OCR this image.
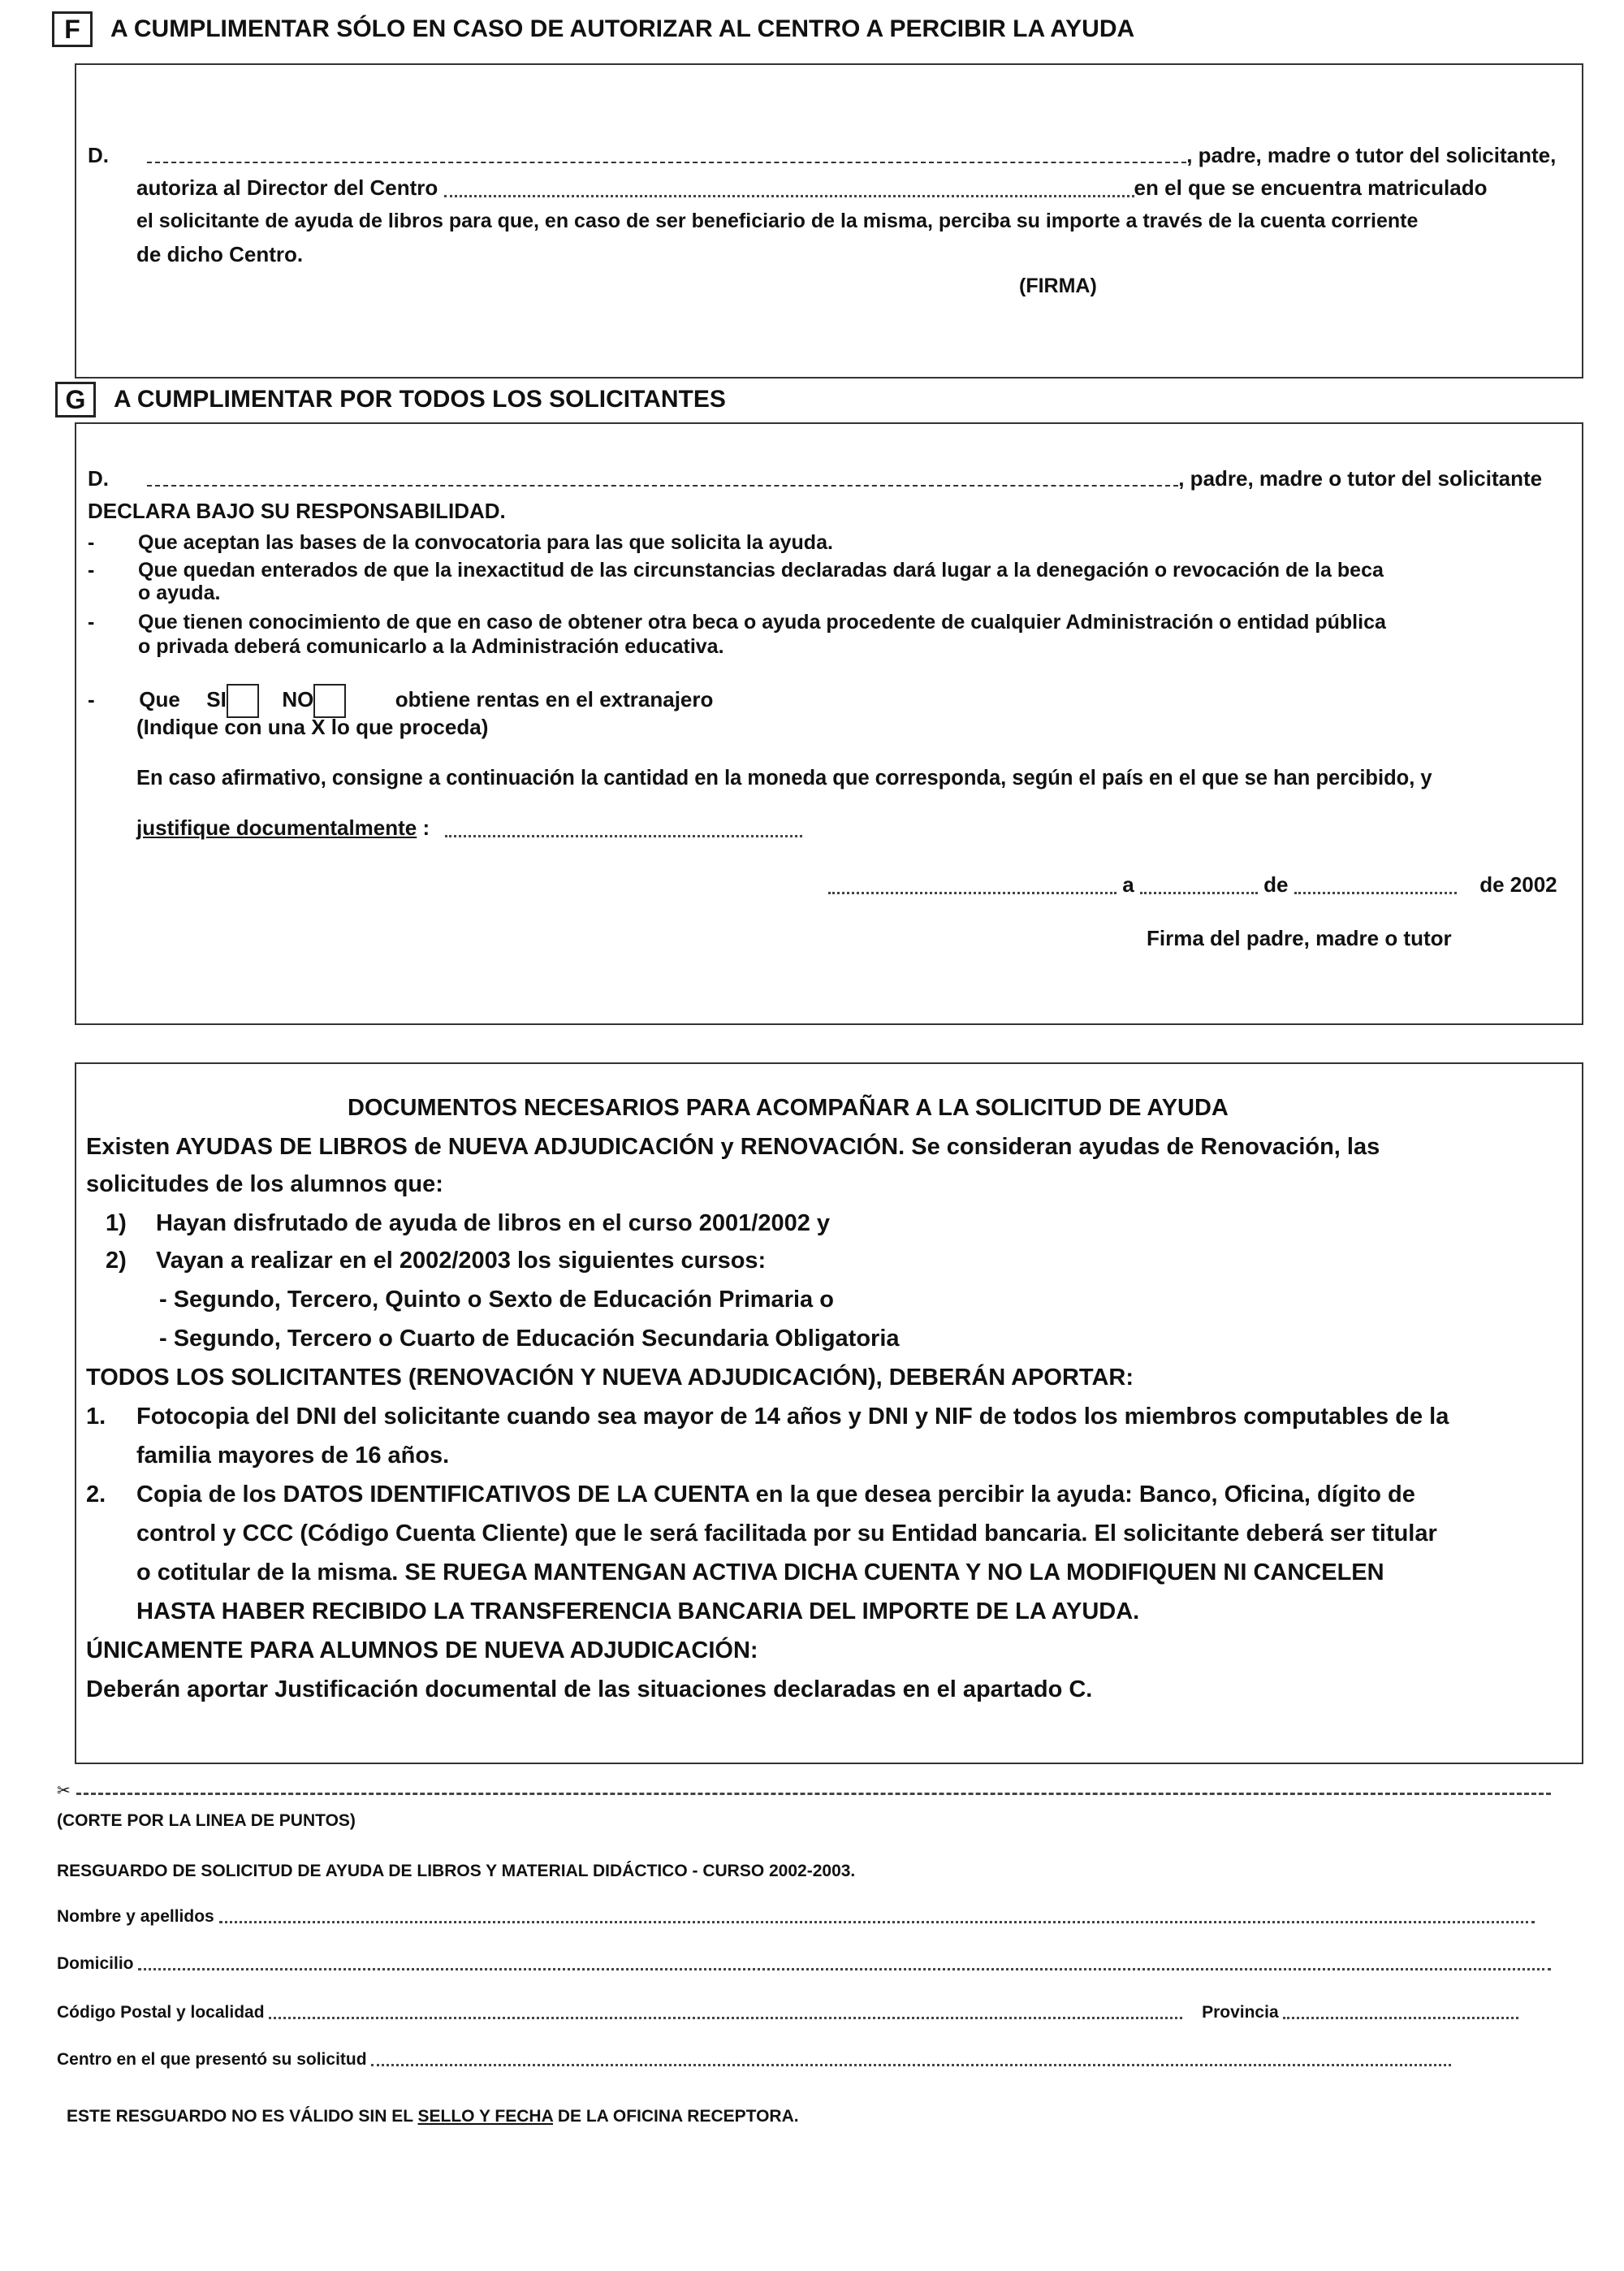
F	A CUMPLIMENTAR SÓLO EN CASO DE AUTORIZAR AL CENTRO A PERCIBIR LA AYUDA
D.	, padre, madre o tutor del solicitante,
autoriza al Director del Centro	en el que se encuentra matriculado
el solicitante de ayuda de libros para que, en caso de ser beneficiario de la misma, perciba su importe a través de la cuenta corriente
de dicho Centro.
(FIRMA)
G	A CUMPLIMENTAR POR TODOS LOS SOLICITANTES
D.	, padre, madre o tutor del solicitante
DECLARA BAJO SU RESPONSABILIDAD.
- Que aceptan las bases de la convocatoria para las que solicita la ayuda.
- Que quedan enterados de que la inexactitud de las circunstancias declaradas dará lugar a la denegación o revocación de la beca
o ayuda.
- Que tienen conocimiento de que en caso de obtener otra beca o ayuda procedente de cualquier Administración o entidad pública
o privada deberá comunicarlo a la Administración educativa.
- Que SI	NO	obtiene rentas en el extranajero
(Indique con una X lo que proceda)
En caso afirmativo, consigne a continuación la cantidad en la moneda que corresponda, según el país en el que se han percibido, y
justifique documentalmente :
a	de	de 2002
Firma del padre, madre o tutor
DOCUMENTOS NECESARIOS PARA ACOMPAÑAR A LA SOLICITUD DE AYUDA
Existen AYUDAS DE LIBROS de NUEVA ADJUDICACIÓN y RENOVACIÓN. Se consideran ayudas de Renovación, las
solicitudes de los alumnos que:
1) Hayan disfrutado de ayuda de libros en el curso 2001/2002 y
2) Vayan a realizar en el 2002/2003 los siguientes cursos:
- Segundo, Tercero, Quinto o Sexto de Educación Primaria o
- Segundo, Tercero o Cuarto de Educación Secundaria Obligatoria
TODOS LOS SOLICITANTES (RENOVACIÓN Y NUEVA ADJUDICACIÓN), DEBERÁN APORTAR:
1. Fotocopia del DNI del solicitante cuando sea mayor de 14 años y DNI y NIF de todos los miembros computables de la
familia mayores de 16 años.
2. Copia de los DATOS IDENTIFICATIVOS DE LA CUENTA en la que desea percibir la ayuda: Banco, Oficina, dígito de
control y CCC (Código Cuenta Cliente) que le será facilitada por su Entidad bancaria. El solicitante deberá ser titular
o cotitular de la misma. SE RUEGA MANTENGAN ACTIVA DICHA CUENTA Y NO LA MODIFIQUEN NI CANCELEN
HASTA HABER RECIBIDO LA TRANSFERENCIA BANCARIA DEL IMPORTE DE LA AYUDA.
ÚNICAMENTE PARA ALUMNOS DE NUEVA ADJUDICACIÓN:
Deberán aportar Justificación documental de las situaciones declaradas en el apartado C.
✂
(CORTE POR LA LINEA DE PUNTOS)
RESGUARDO DE SOLICITUD DE AYUDA DE LIBROS Y MATERIAL DIDÁCTICO - CURSO 2002-2003.
Nombre y apellidos
Domicilio
Código Postal y localidad	Provincia
Centro en el que presentó su solicitud
ESTE RESGUARDO NO ES VÁLIDO SIN EL SELLO Y FECHA DE LA OFICINA RECEPTORA.
